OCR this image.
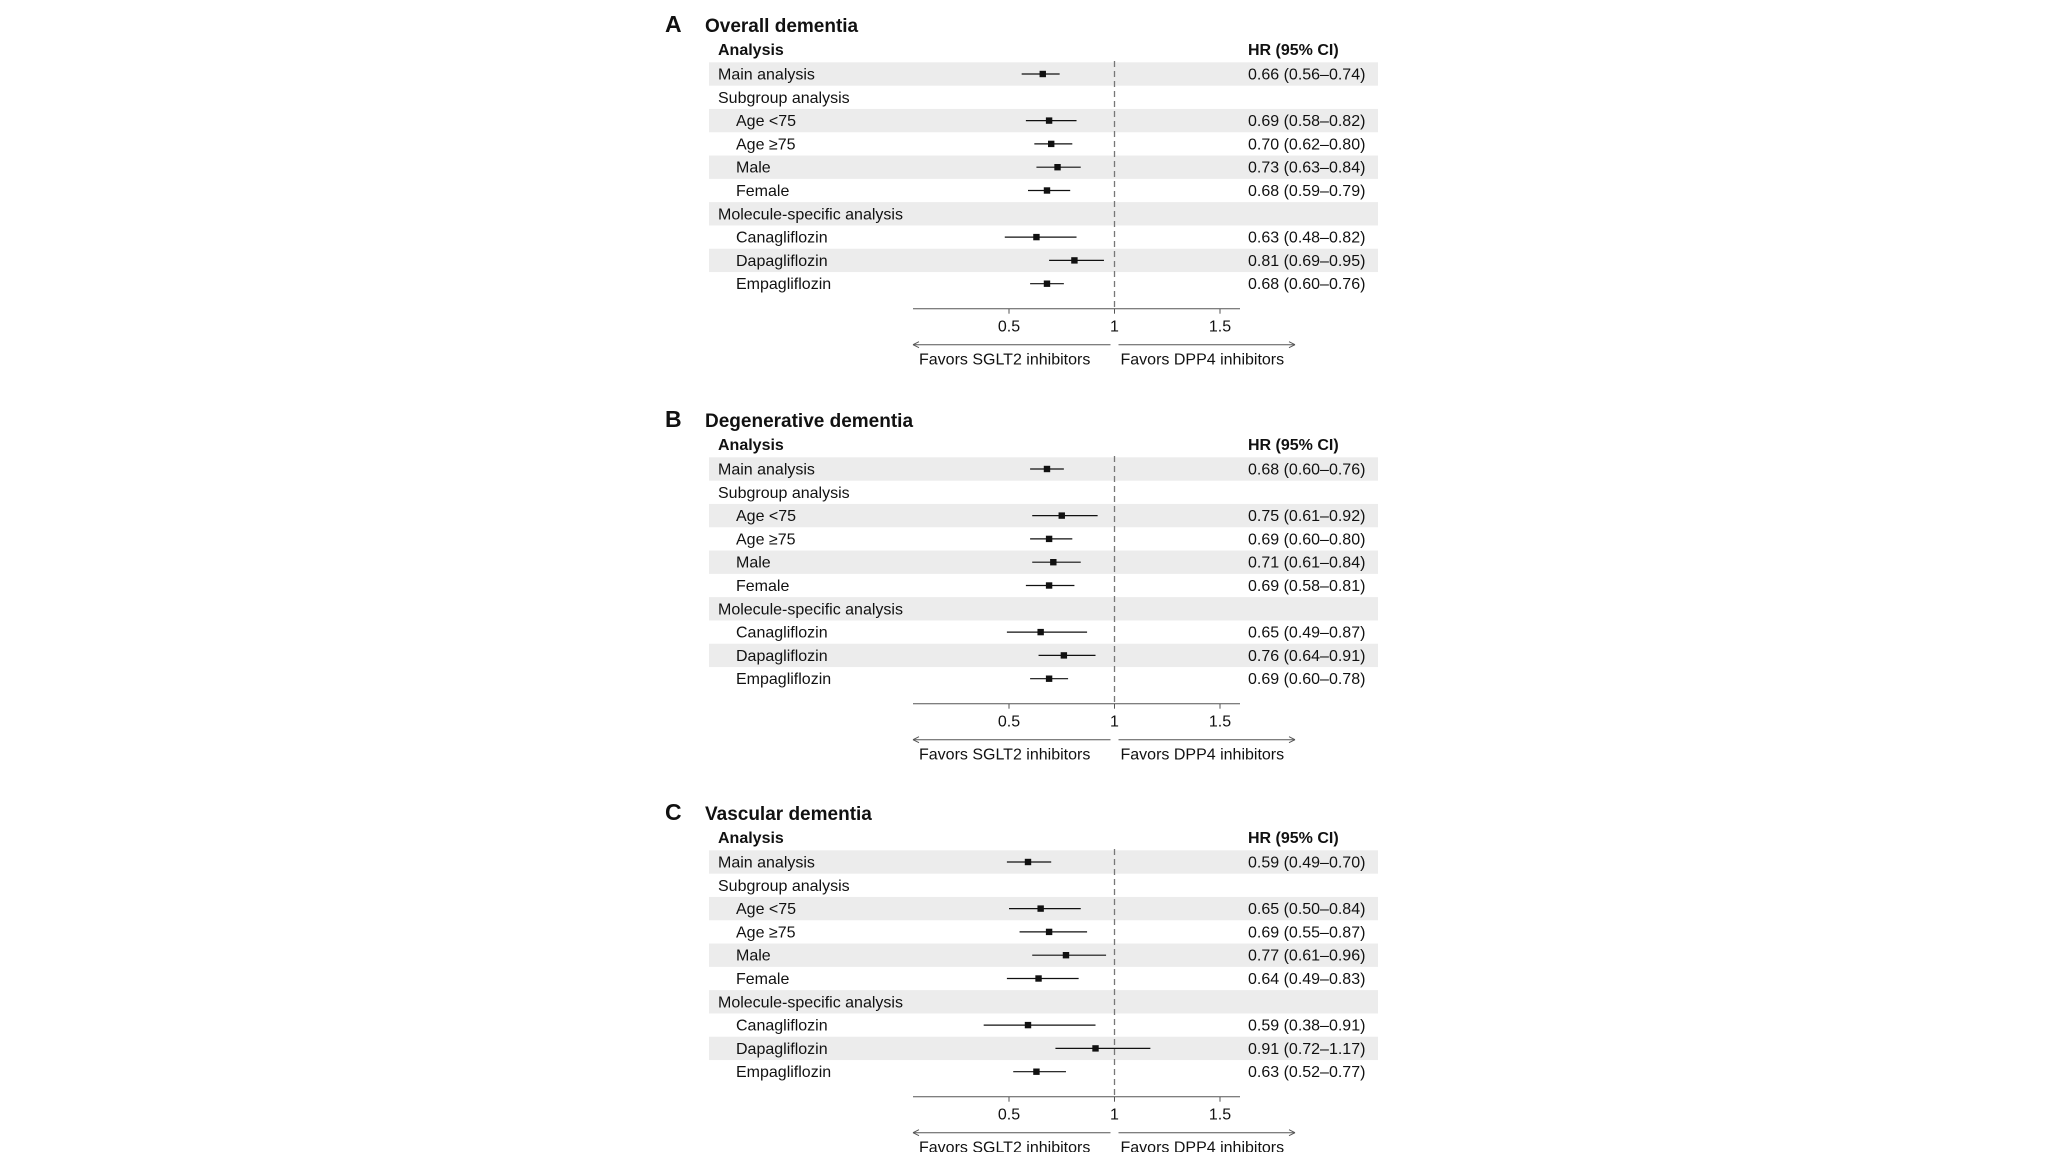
A Overall dementia
Analysis	HR (95% CI)
Main analysis	0.66 (0.56–0.74)
Subgroup analysis
Age <75	0.69 (0.58–0.82)
Age ≥75	0.70 (0.62–0.80)
Male	0.73 (0.63–0.84)
Female	0.68 (0.59–0.79)
Molecule-specific analysis
Canagliflozin	0.63 (0.48–0.82)
Dapagliflozin	0.81 (0.69–0.95)
Empagliflozin	0.68 (0.60–0.76)
0.5	1	1.5
Favors SGLT2 inhibitors Favors DPP4 inhibitors
B Degenerative dementia
Analysis	HR (95% CI)
Main analysis	0.68 (0.60–0.76)
Subgroup analysis
Age <75	0.75 (0.61–0.92)
Age ≥75	0.69 (0.60–0.80)
Male	0.71 (0.61–0.84)
Female	0.69 (0.58–0.81)
Molecule-specific analysis
Canagliflozin	0.65 (0.49–0.87)
Dapagliflozin	0.76 (0.64–0.91)
Empagliflozin	0.69 (0.60–0.78)
0.5	1	1.5
Favors SGLT2 inhibitors Favors DPP4 inhibitors
C Vascular dementia
Analysis	HR (95% CI)
Main analysis	0.59 (0.49–0.70)
Subgroup analysis
Age <75	0.65 (0.50–0.84)
Age ≥75	0.69 (0.55–0.87)
Male	0.77 (0.61–0.96)
Female	0.64 (0.49–0.83)
Molecule-specific analysis
Canagliflozin	0.59 (0.38–0.91)
Dapagliflozin	0.91 (0.72–1.17)
Empagliflozin	0.63 (0.52–0.77)
0.5	1	1.5
Favors SGLT2 inhibitors Favors DPP4 inhibitors
